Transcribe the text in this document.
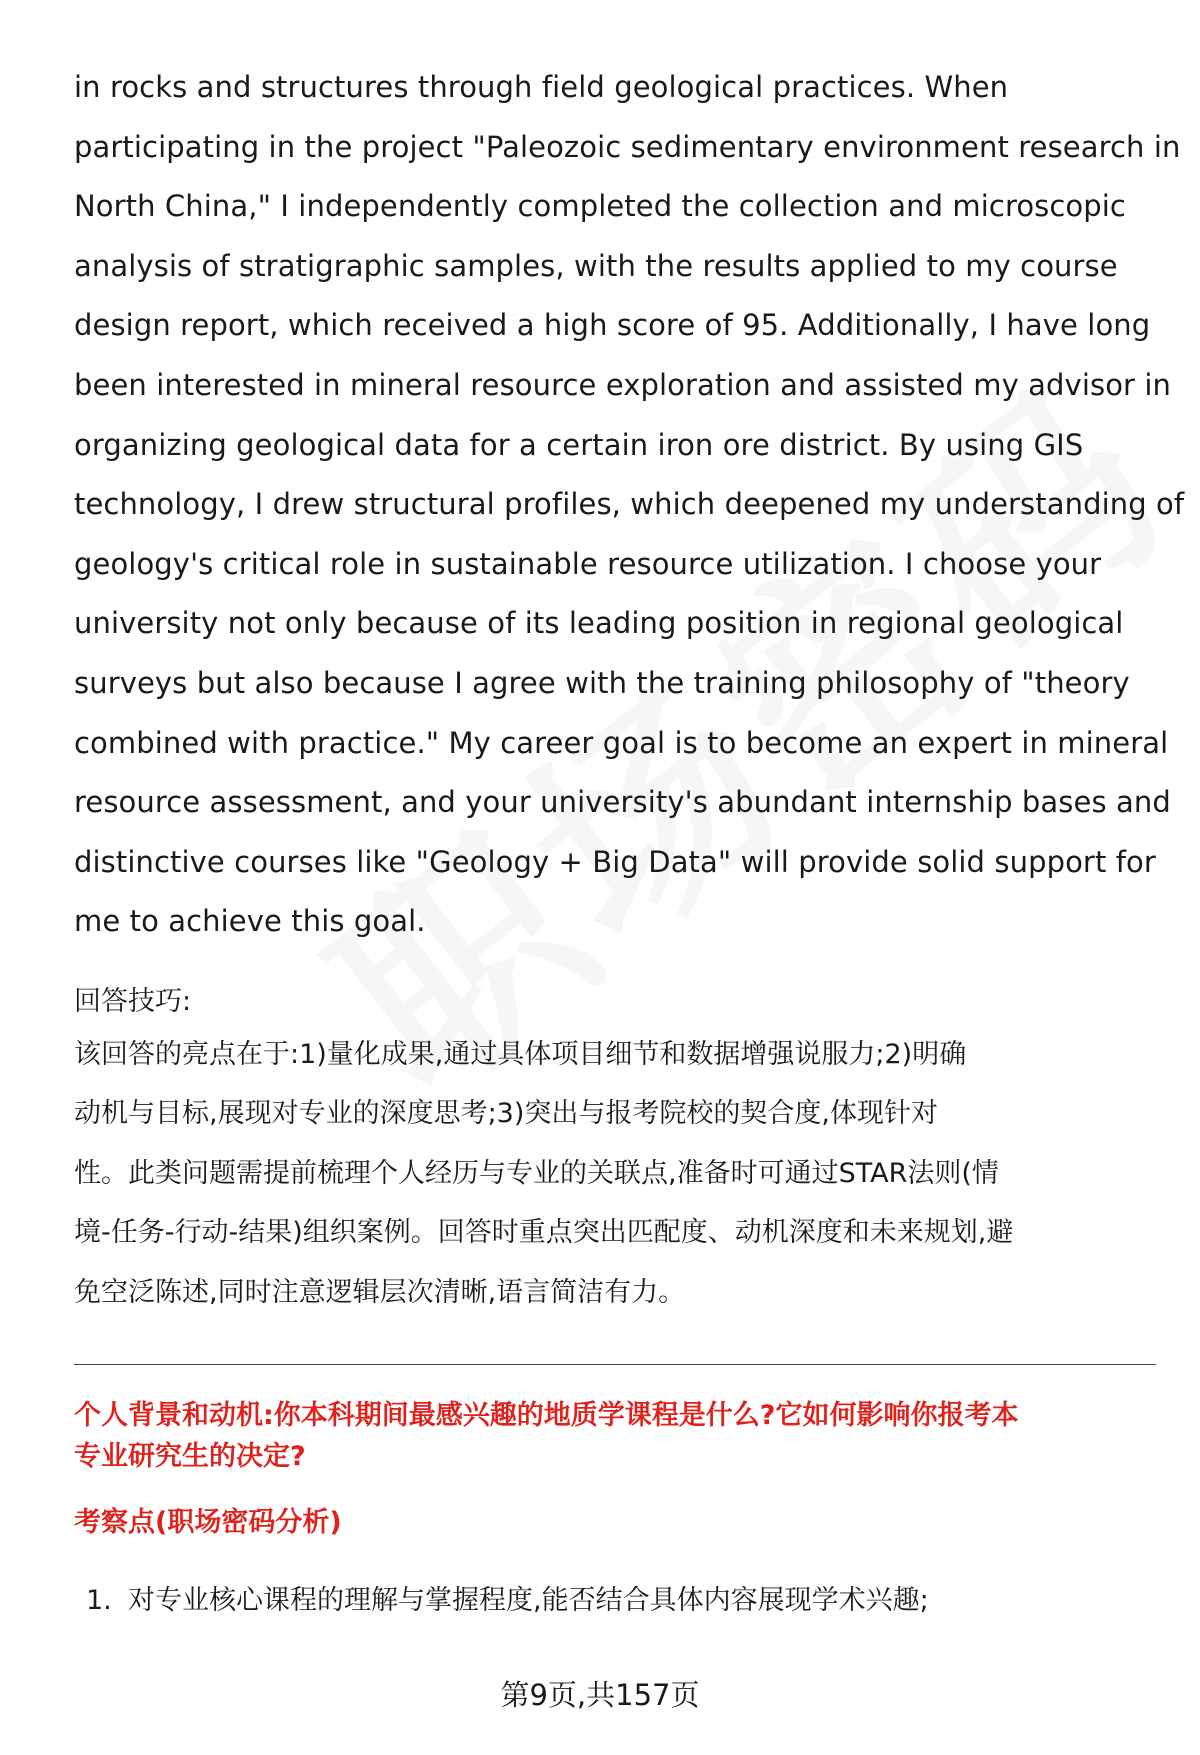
in rocks and structures through field geological practices. When
participating in the project "Paleozoic sedimentary environment research in
North China," I independently completed the collection and microscopic
analysis of stratigraphic samples, with the results applied to my course
design report, which received a high score of 95. Additionally, I have long
been interested in mineral resource exploration and assisted my advisor in
organizing geological data for a certain iron ore district. By using GIS
technology, I drew structural profiles, which deepened my understanding of
geology's critical role in sustainable resource utilization. I choose your
university not only because of its leading position in regional geological
surveys but also because I agree with the training philosophy of "theory
combined with practice." My career goal is to become an expert in mineral
resource assessment, and your university's abundant internship bases and
distinctive courses like "Geology + Big Data" will provide solid support for
me to achieve this goal.
回答技巧:
该回答的亮点在于:1)量化成果,通过具体项目细节和数据增强说服力;2)明确
动机与目标,展现对专业的深度思考;3)突出与报考院校的契合度,体现针对
性。此类问题需提前梳理个人经历与专业的关联点,准备时可通过STAR法则(情
境-任务-行动-结果)组织案例。回答时重点突出匹配度、动机深度和未来规划,避
免空泛陈述,同时注意逻辑层次清晰,语言简洁有力。
个人背景和动机:你本科期间最感兴趣的地质学课程是什么?它如何影响你报考本
专业研究生的决定?
考察点(职场密码分析)
1. 对专业核心课程的理解与掌握程度,能否结合具体内容展现学术兴趣;
第9页,共157页
